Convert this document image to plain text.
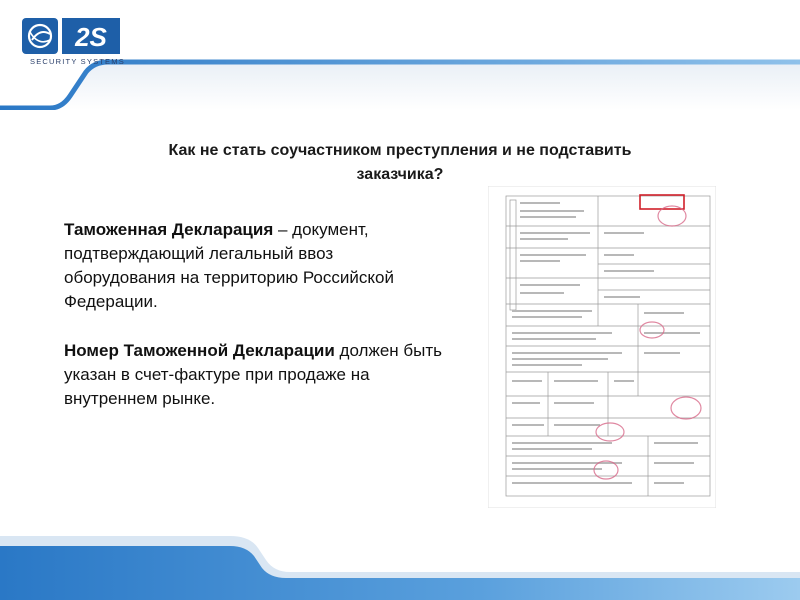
2S
SECURITY SYSTEMS
Как не стать соучастником преступления и не подставить
заказчика?
Таможенная Декларация – документ, подтверждающий легальный ввоз оборудования на территорию Российской Федерации.
Номер Таможенной Декларации должен быть указан в счет-фактуре при продаже на внутреннем рынке.
